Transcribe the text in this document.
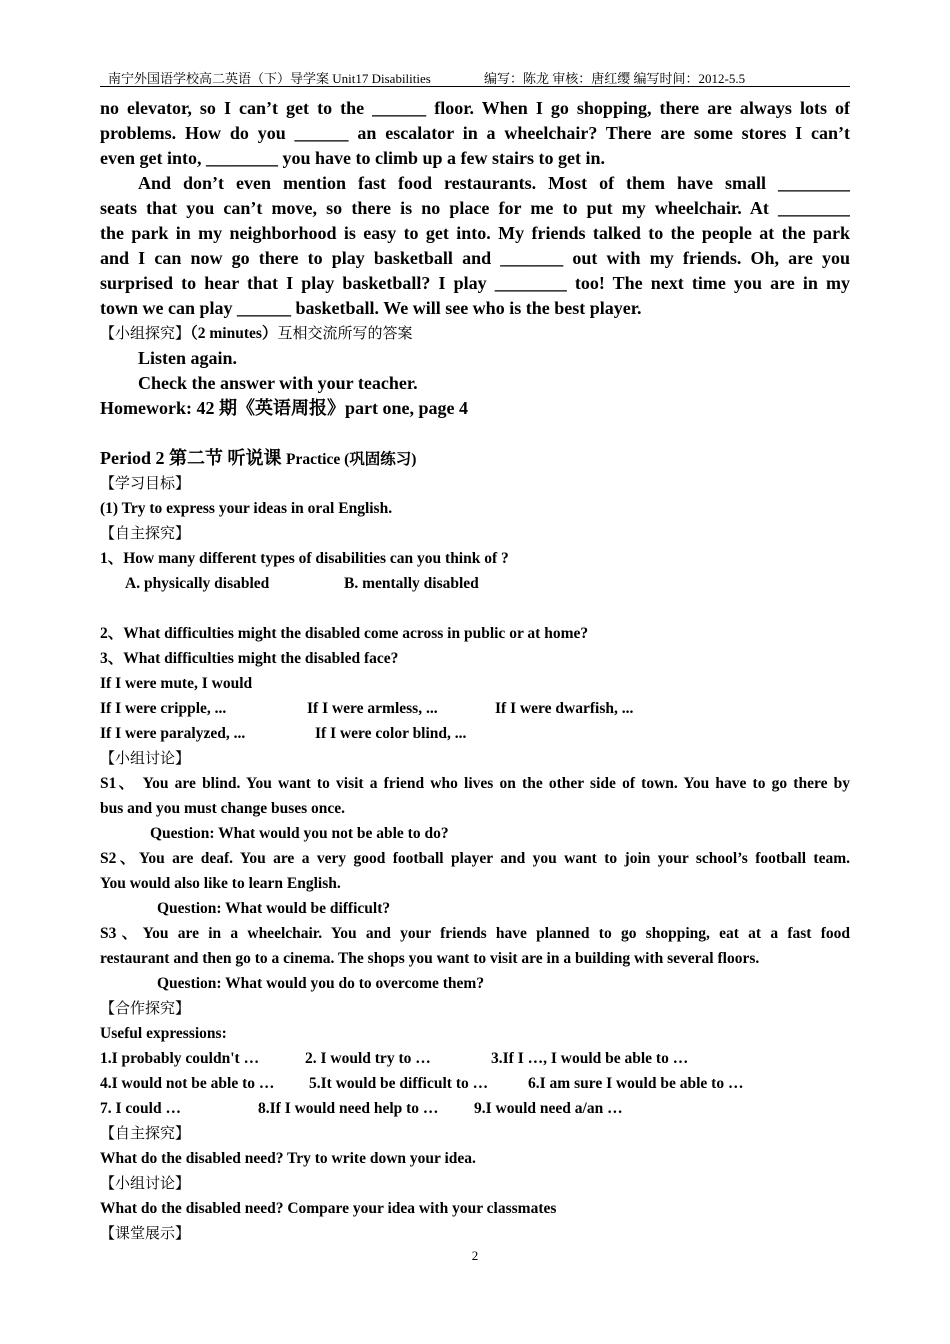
南宁外国语学校高二英语（下）导学案 Unit17 Disabilities	编写：陈龙 审核：唐红缨 编写时间：2012-5.5
no elevator, so I can’t get to the ______ floor. When I go shopping, there are always lots of
problems. How do you ______ an escalator in a wheelchair? There are some stores I can’t
even get into, ________ you have to climb up a few stairs to get in.
And don’t even mention fast food restaurants. Most of them have small ________
seats that you can’t move, so there is no place for me to put my wheelchair. At ________
the park in my neighborhood is easy to get into. My friends talked to the people at the park
and I can now go there to play basketball and _______ out with my friends. Oh, are you
surprised to hear that I play basketball? I play ________ too! The next time you are in my
town we can play ______ basketball. We will see who is the best player.
【小组探究】（2 minutes）互相交流所写的答案
Listen again.
Check the answer with your teacher.
Homework: 42 期《英语周报》part one, page 4
Period 2 第二节 听说课 Practice (巩固练习)
【学习目标】
(1) Try to express your ideas in oral English.
【自主探究】
1、How many different types of disabilities can you think of ?
A. physically disabled	B. mentally disabled
2、What difficulties might the disabled come across in public or at home?
3、What difficulties might the disabled face?
If I were mute, I would
If I were cripple, ...	If I were armless, ...	If I were dwarfish, ...
If I were paralyzed, ...	If I were color blind, ...
【小组讨论】
S1、 You are blind. You want to visit a friend who lives on the other side of town. You have to go there by
bus and you must change buses once.
Question: What would you not be able to do?
S2、You are deaf. You are a very good football player and you want to join your school’s football team.
You would also like to learn English.
Question: What would be difficult?
S3、You are in a wheelchair. You and your friends have planned to go shopping, eat at a fast food
restaurant and then go to a cinema. The shops you want to visit are in a building with several floors.
Question: What would you do to overcome them?
【合作探究】
Useful expressions:
1.I probably couldn't …	2. I would try to …	3.If I …, I would be able to …
4.I would not be able to … 5.It would be difficult to …	6.I am sure I would be able to …
7. I could …	8.If I would need help to … 9.I would need a/an …
【自主探究】
What do the disabled need? Try to write down your idea.
【小组讨论】
What do the disabled need? Compare your idea with your classmates
【课堂展示】
2
